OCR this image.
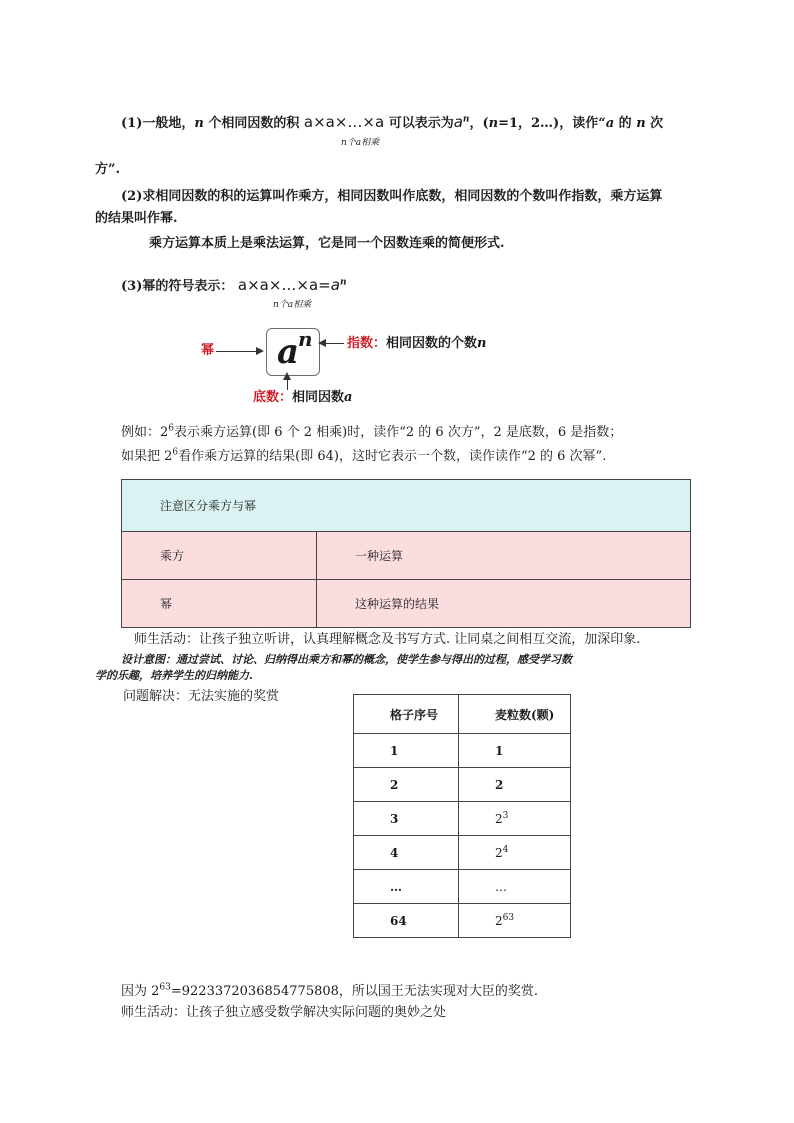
(1)一般地，n 个相同因数的积 a×a×…×a 可以表示为$a^n$，(n=1，2…)，读作“a 的 n 次
n个a相乘
方”.
(2)求相同因数的积的运算叫作乘方，相同因数叫作底数，相同因数的个数叫作指数，乘方运算
的结果叫作幂.
乘方运算本质上是乘法运算，它是同一个因数连乘的简便形式.
(3)幂的符号表示： $a\times a\times\dots\times a=a^n$
n个a相乘
a
n
幂	指数：相同因数的个数n
底数：相同因数a
例如：$2^6$表示乘方运算(即 6 个 2 相乘)时，读作“2 的 6 次方”，2 是底数，6 是指数；
如果把 $2^6$看作乘方运算的结果(即 64)，这时它表示一个数，读作读作“2 的 6 次幂”.
注意区分乘方与幂	
乘方	一种运算
幂	这种运算的结果
师生活动：让孩子独立听讲，认真理解概念及书写方式. 让同桌之间相互交流，加深印象.
设计意图：通过尝试、讨论、归纳得出乘方和幂的概念，使学生参与得出的过程，感受学习数
学的乐趣，培养学生的归纳能力.
问题解决：无法实施的奖赏
格子序号	麦粒数(颗)
1	1
2	2
3	$2^3$
4	$2^4$
…	…
64	$2^{63}$
因为 $2^{63}=9223372036854775808$，所以国王无法实现对大臣的奖赏.
师生活动：让孩子独立感受数学解决实际问题的奥妙之处
